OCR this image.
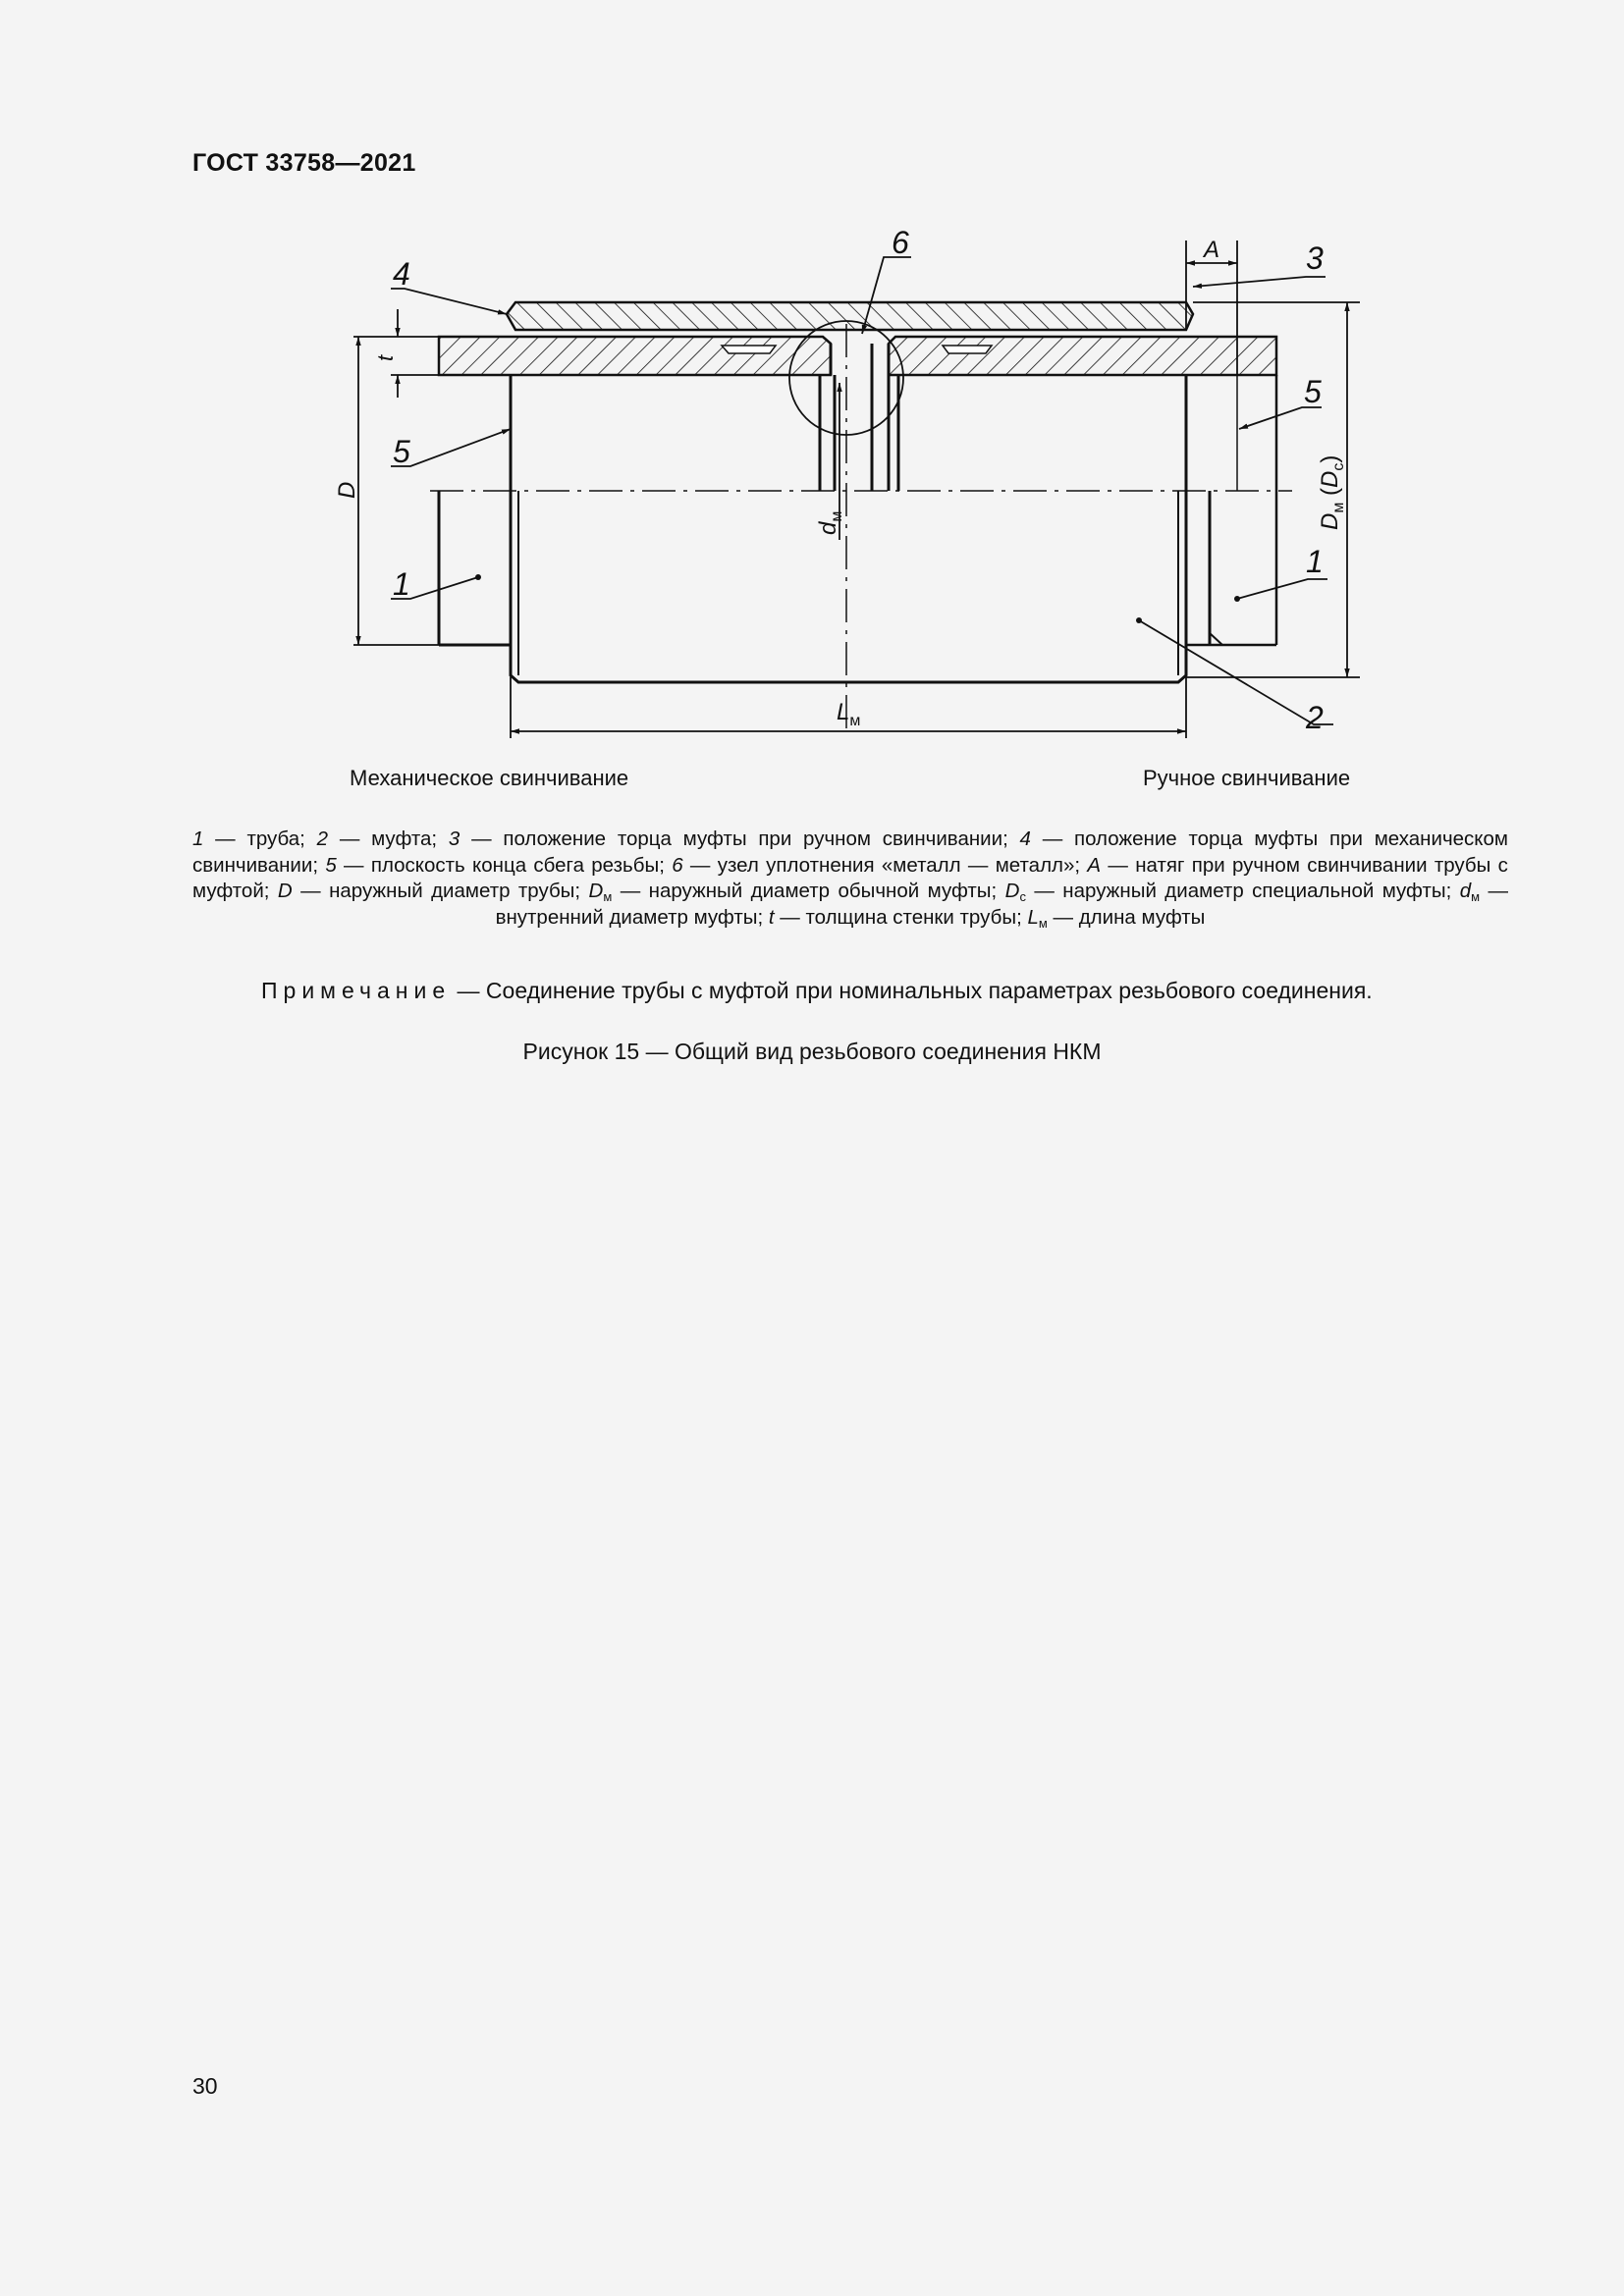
ГОСТ 33758—2021
4
5
1
6	3
5
1
2
D
t
$d_м$
$L_м$
A
$D_м$ $(D_с)$
Механическое свинчивание	Ручное свинчивание
1 — труба; 2 — муфта; 3 — положение торца муфты при ручном свинчивании; 4 — положение торца муфты при механическом свинчивании; 5 — плоскость конца сбега резьбы; 6 — узел уплотнения «металл — металл»; A — натяг при ручном свинчивании трубы с муфтой; D — наружный диаметр трубы; $D_м$ — наружный диаметр обычной муфты; $D_с$ — наружный диаметр специальной муфты; $d_м$ — внутренний диаметр муфты; t — толщина стенки трубы; $L_м$ — длина муфты
Примечание — Соединение трубы с муфтой при номинальных параметрах резьбового соединения.
Рисунок 15 — Общий вид резьбового соединения НКМ
30
